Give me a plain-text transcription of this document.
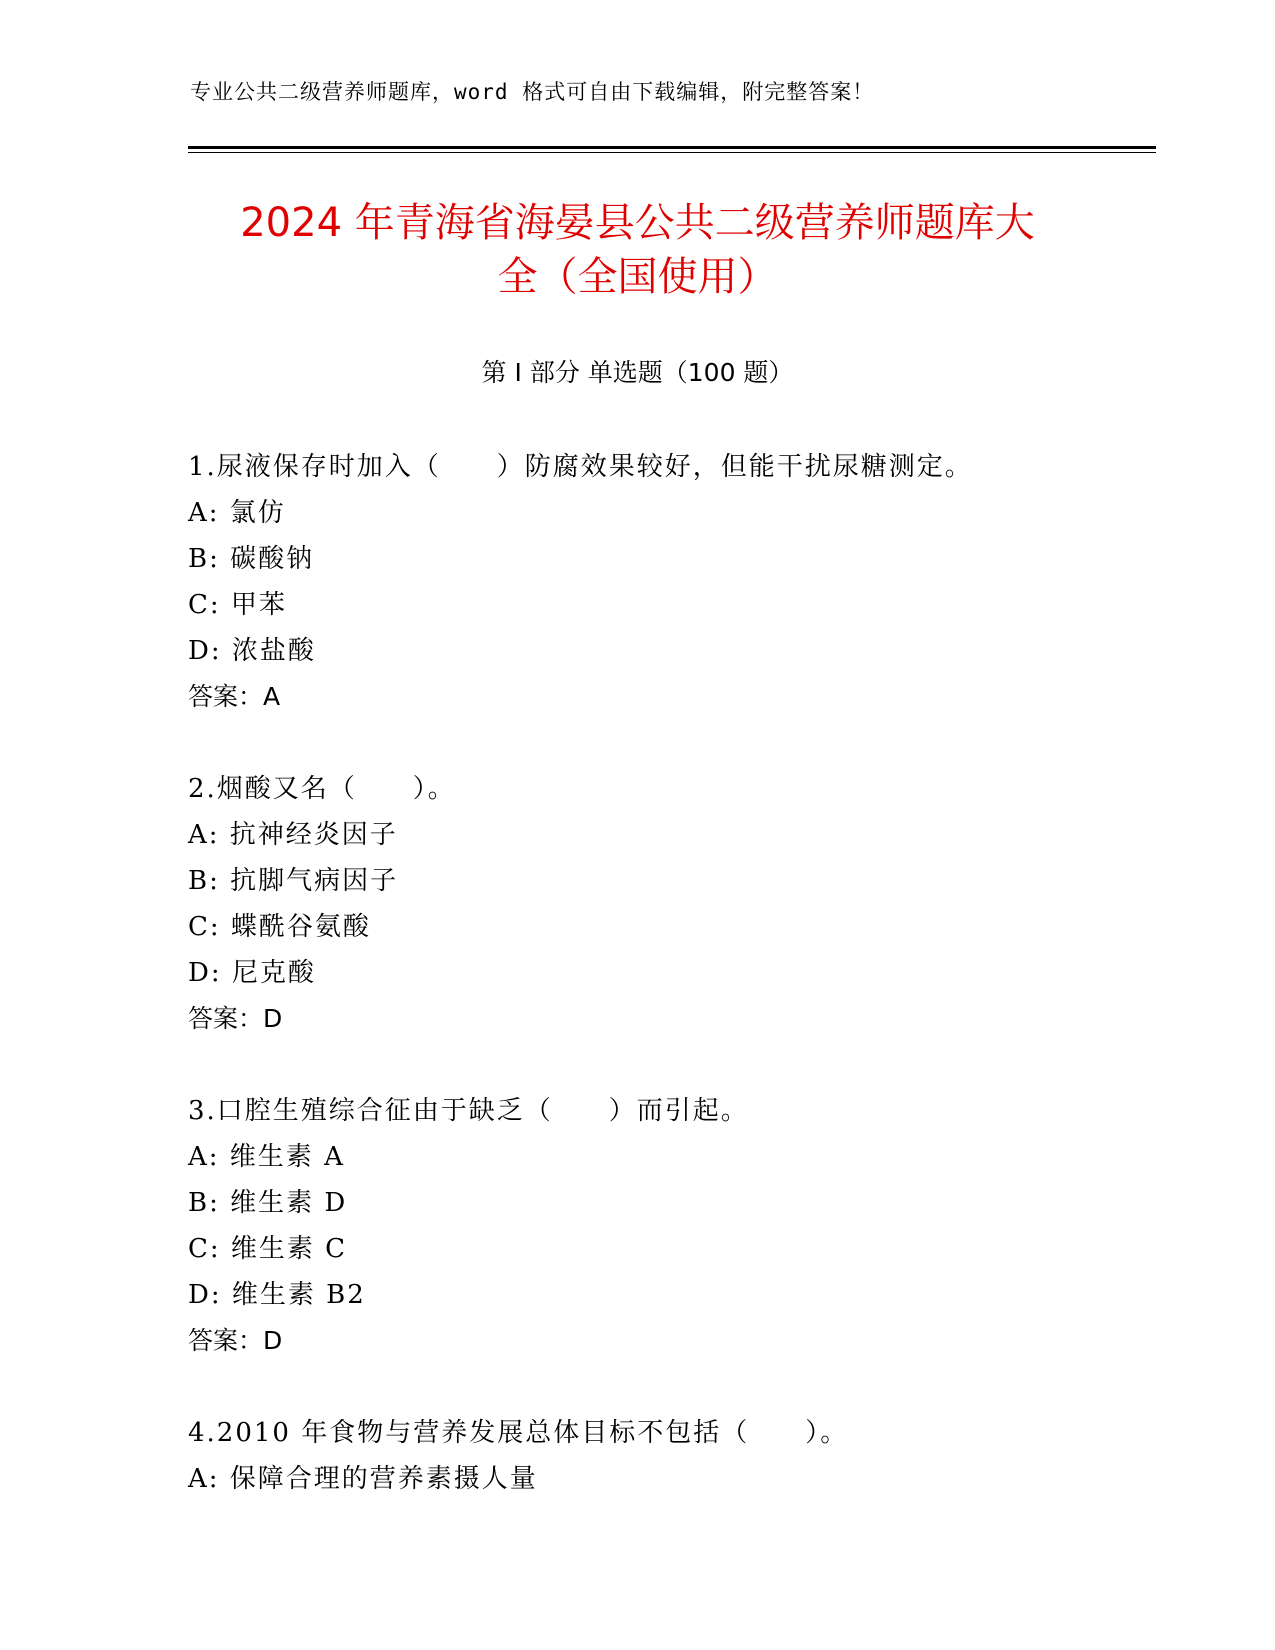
专业公共二级营养师题库，word 格式可自由下载编辑，附完整答案！
2024 年青海省海晏县公共二级营养师题库大
全（全国使用）
第 I 部分 单选题（100 题）
1.尿液保存时加入（　　）防腐效果较好，但能干扰尿糖测定。
A: 氯仿
B: 碳酸钠
C: 甲苯
D: 浓盐酸
答案：A
2.烟酸又名（　　）。
A: 抗神经炎因子
B: 抗脚气病因子
C: 蝶酰谷氨酸
D: 尼克酸
答案：D
3.口腔生殖综合征由于缺乏（　　）而引起。
A: 维生素 A
B: 维生素 D
C: 维生素 C
D: 维生素 B2
答案：D
4.2010 年食物与营养发展总体目标不包括（　　）。
A: 保障合理的营养素摄人量
